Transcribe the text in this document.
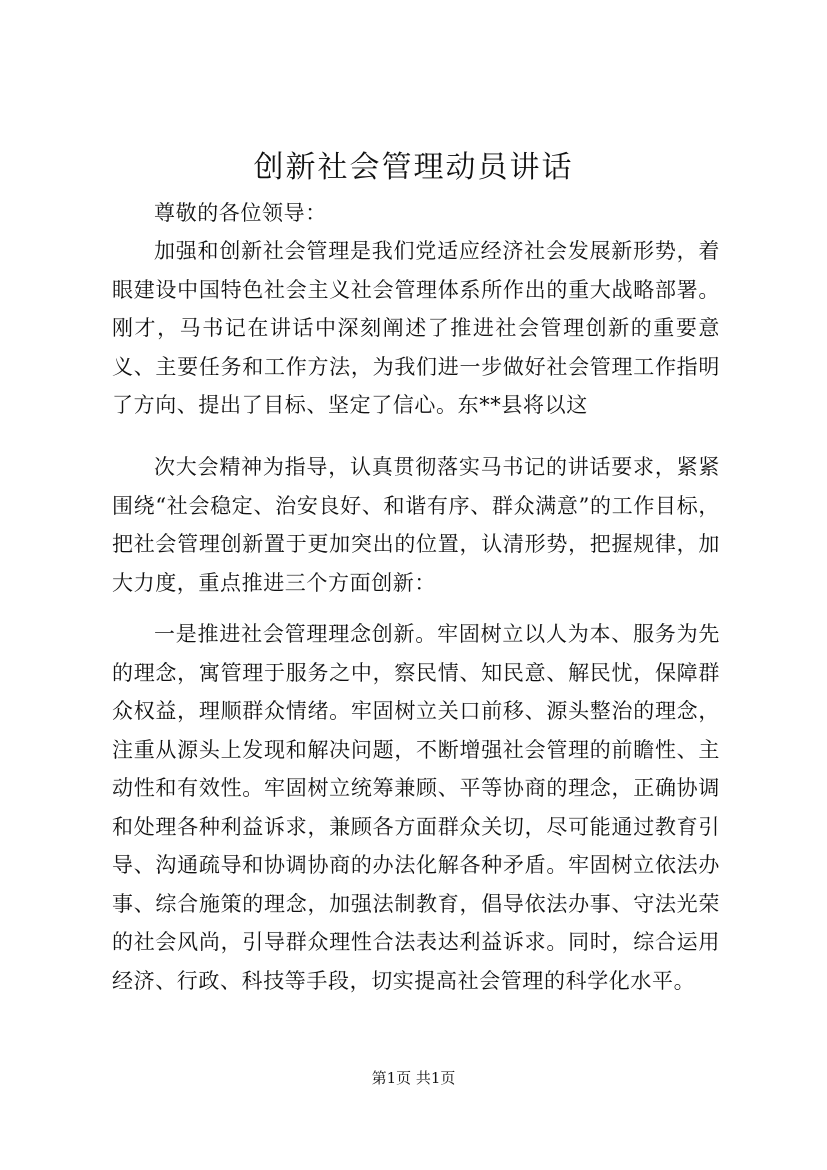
创新社会管理动员讲话

尊敬的各位领导：

加强和创新社会管理是我们党适应经济社会发展新形势，着眼建设中国特色社会主义社会管理体系所作出的重大战略部署。刚才，马书记在讲话中深刻阐述了推进社会管理创新的重要意义、主要任务和工作方法，为我们进一步做好社会管理工作指明了方向、提出了目标、坚定了信心。东**县将以这

次大会精神为指导，认真贯彻落实马书记的讲话要求，紧紧围绕“社会稳定、治安良好、和谐有序、群众满意”的工作目标，把社会管理创新置于更加突出的位置，认清形势，把握规律，加大力度，重点推进三个方面创新：

一是推进社会管理理念创新。牢固树立以人为本、服务为先的理念，寓管理于服务之中，察民情、知民意、解民忧，保障群众权益，理顺群众情绪。牢固树立关口前移、源头整治的理念，注重从源头上发现和解决问题，不断增强社会管理的前瞻性、主动性和有效性。牢固树立统筹兼顾、平等协商的理念，正确协调和处理各种利益诉求，兼顾各方面群众关切，尽可能通过教育引导、沟通疏导和协调协商的办法化解各种矛盾。牢固树立依法办事、综合施策的理念，加强法制教育，倡导依法办事、守法光荣的社会风尚，引导群众理性合法表达利益诉求。同时，综合运用经济、行政、科技等手段，切实提高社会管理的科学化水平。

第1页 共1页
